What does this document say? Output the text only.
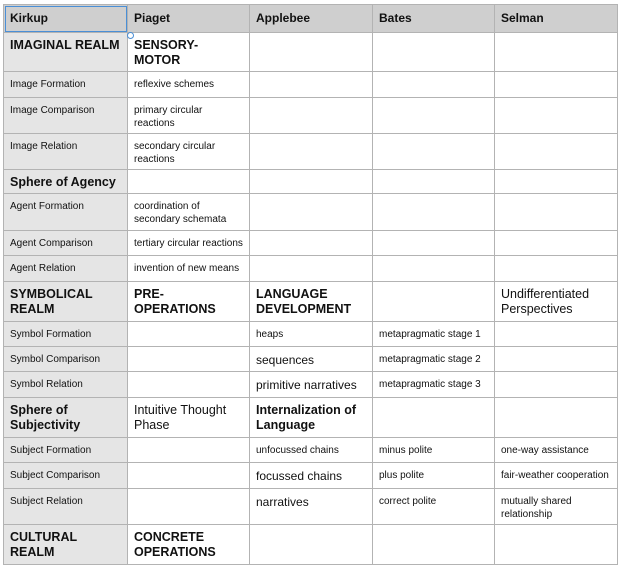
Kirkup	Piaget	Applebee	Bates	Selman
IMAGINAL REALM	SENSORY-MOTOR			
Image Formation	reflexive schemes			
Image Comparison	primary circular reactions			
Image Relation	secondary circular reactions			
Sphere of Agency				
Agent Formation	coordination of secondary schemata			
Agent Comparison	tertiary circular reactions			
Agent Relation	invention of new means			
SYMBOLICAL REALM	PRE-OPERATIONS	LANGUAGE DEVELOPMENT		Undifferentiated Perspectives
Symbol Formation		heaps	metapragmatic stage 1	
Symbol Comparison		sequences	metapragmatic stage 2	
Symbol Relation		primitive narratives	metapragmatic stage 3	
Sphere of Subjectivity	Intuitive Thought Phase	Internalization of Language		
Subject Formation		unfocussed chains	minus polite	one-way assistance
Subject Comparison		focussed chains	plus polite	fair-weather cooperation
Subject Relation		narratives	correct polite	mutually shared relationship
CULTURAL REALM	CONCRETE OPERATIONS			
